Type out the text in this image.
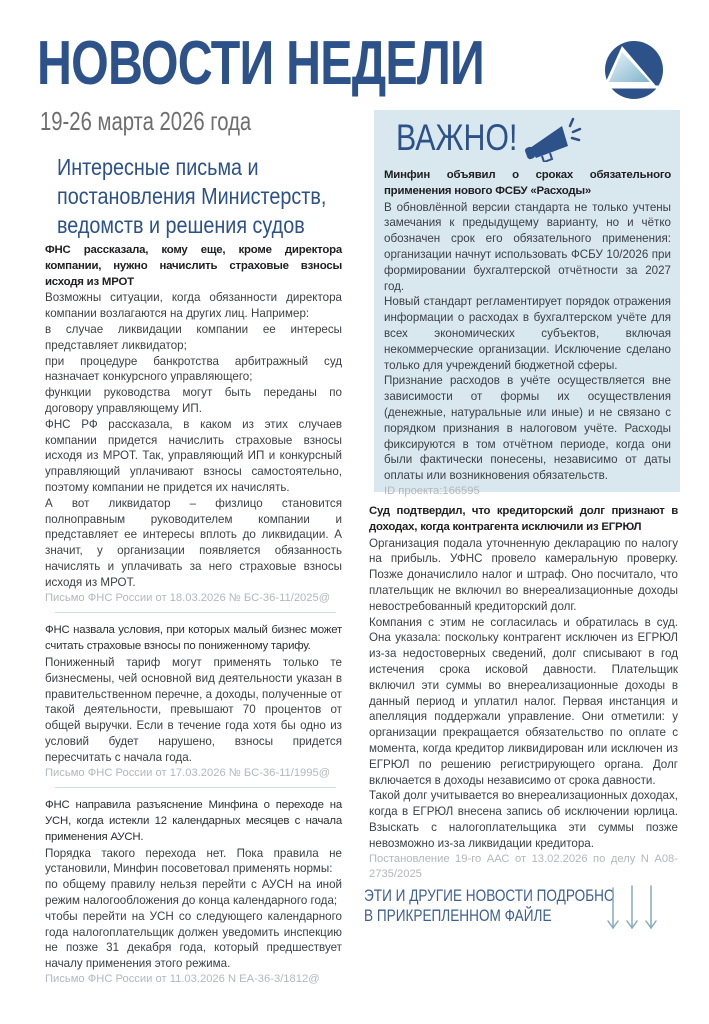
НОВОСТИ НЕДЕЛИ
19-26 марта 2026 года
Интересные письма и постановления Министерств, ведомств и решения судов

ФНС рассказала, кому еще, кроме директора компании, нужно начислить страховые взносы исходя из МРОТ

Возможны ситуации, когда обязанности директора компании возлагаются на других лиц. Например:

в случае ликвидации компании ее интересы представляет ликвидатор;

при процедуре банкротства арбитражный суд назначает конкурсного управляющего;

функции руководства могут быть переданы по договору управляющему ИП.

ФНС РФ рассказала, в каком из этих случаев компании придется начислить страховые взносы исходя из МРОТ. Так, управляющий ИП и конкурсный управляющий уплачивают взносы самостоятельно, поэтому компании не придется их начислять.

А вот ликвидатор – физлицо становится полноправным руководителем компании и представляет ее интересы вплоть до ликвидации. А значит, у организации появляется обязанность начислять и уплачивать за него страховые взносы исходя из МРОТ.

Письмо ФНС России от 18.03.2026 № БС-36-11/2025@

ФНС назвала условия, при которых малый бизнес может считать страховые взносы по пониженному тарифу.

Пониженный тариф могут применять только те бизнесмены, чей основной вид деятельности указан в правительственном перечне, а доходы, полученные от такой деятельности, превышают 70 процентов от общей выручки. Если в течение года хотя бы одно из условий будет нарушено, взносы придется пересчитать с начала года.

Письмо ФНС России от 17.03.2026 № БС-36-11/1995@

ФНС направила разъяснение Минфина о переходе на УСН, когда истекли 12 календарных месяцев с начала применения АУСН.

Порядка такого перехода нет. Пока правила не установили, Минфин посоветовал применять нормы:

по общему правилу нельзя перейти с АУСН на иной режим налогообложения до конца календарного года;

чтобы перейти на УСН со следующего календарного года налогоплательщик должен уведомить инспекцию не позже 31 декабря года, который предшествует началу применения этого режима.

Письмо ФНС России от 11.03.2026 N ЕА-36-3/1812@

ВАЖНО!

Минфин объявил о сроках обязательного применения нового ФСБУ «Расходы»

В обновлённой версии стандарта не только учтены замечания к предыдущему варианту, но и чётко обозначен срок его обязательного применения: организации начнут использовать ФСБУ 10/2026 при формировании бухгалтерской отчётности за 2027 год.

Новый стандарт регламентирует порядок отражения информации о расходах в бухгалтерском учёте для всех экономических субъектов, включая некоммерческие организации. Исключение сделано только для учреждений бюджетной сферы.

Признание расходов в учёте осуществляется вне зависимости от формы их осуществления (денежные, натуральные или иные) и не связано с порядком признания в налоговом учёте. Расходы фиксируются в том отчётном периоде, когда они были фактически понесены, независимо от даты оплаты или возникновения обязательств.

ID проекта:166595

Суд подтвердил, что кредиторский долг признают в доходах, когда контрагента исключили из ЕГРЮЛ

Организация подала уточненную декларацию по налогу на прибыль. УФНС провело камеральную проверку. Позже доначислило налог и штраф. Оно посчитало, что плательщик не включил во внереализационные доходы невостребованный кредиторский долг.

Компания с этим не согласилась и обратилась в суд. Она указала: поскольку контрагент исключен из ЕГРЮЛ из-за недостоверных сведений, долг списывают в год истечения срока исковой давности. Плательщик включил эти суммы во внереализационные доходы в данный период и уплатил налог. Первая инстанция и апелляция поддержали управление. Они отметили: у организации прекращается обязательство по оплате с момента, когда кредитор ликвидирован или исключен из ЕГРЮЛ по решению регистрирующего органа. Долг включается в доходы независимо от срока давности.

Такой долг учитывается во внереализационных доходах, когда в ЕГРЮЛ внесена запись об исключении юрлица. Взыскать с налогоплательщика эти суммы позже невозможно из-за ликвидации кредитора.

Постановление 19-го ААС от 13.02.2026 по делу N А08-2735/2025

ЭТИ И ДРУГИЕ НОВОСТИ ПОДРОБНО
В ПРИКРЕПЛЕННОМ ФАЙЛЕ
